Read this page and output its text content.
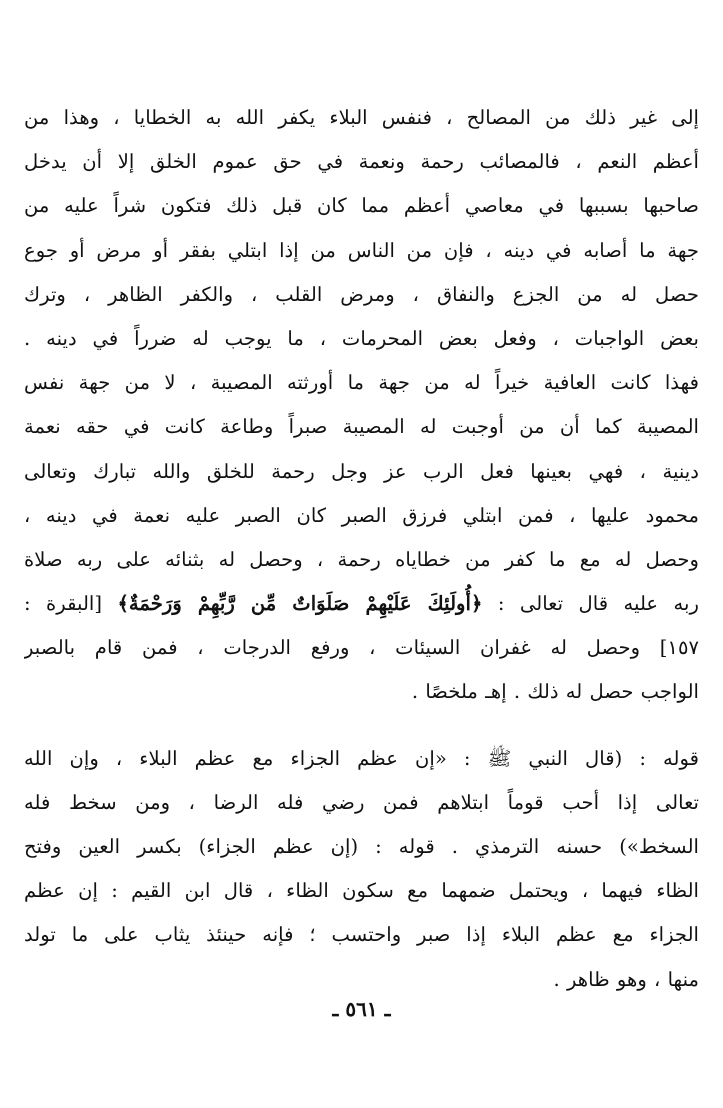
إلى غير ذلك من المصالح ، فنفس البلاء يكفر الله به الخطايا ، وهذا من
أعظم النعم ، فالمصائب رحمة ونعمة في حق عموم الخلق إلا أن يدخل
صاحبها بسببها في معاصي أعظم مما كان قبل ذلك فتكون شراً عليه من
جهة ما أصابه في دينه ، فإن من الناس من إذا ابتلي بفقر أو مرض أو جوع
حصل له من الجزع والنفاق ، ومرض القلب ، والكفر الظاهر ، وترك
بعض الواجبات ، وفعل بعض المحرمات ، ما يوجب له ضرراً في دينه .
فهذا كانت العافية خيراً له من جهة ما أورثته المصيبة ، لا من جهة نفس
المصيبة كما أن من أوجبت له المصيبة صبراً وطاعة كانت في حقه نعمة
دينية ، فهي بعينها فعل الرب عز وجل رحمة للخلق والله تبارك وتعالى
محمود عليها ، فمن ابتلي فرزق الصبر كان الصبر عليه نعمة في دينه ،
وحصل له مع ما كفر من خطاياه رحمة ، وحصل له بثنائه على ربه صلاة
ربه عليه قال تعالى : ﴿أُولَئِكَ عَلَيْهِمْ صَلَوَاتٌ مِّن رَّبِّهِمْ وَرَحْمَةٌ﴾ [البقرة :
١٥٧] وحصل له غفران السيئات ، ورفع الدرجات ، فمن قام بالصبر
الواجب حصل له ذلك . إهـ ملخصًا .
قوله : (قال النبي ﷺ : «إن عظم الجزاء مع عظم البلاء ، وإن الله
تعالى إذا أحب قوماً ابتلاهم فمن رضي فله الرضا ، ومن سخط فله
السخط») حسنه الترمذي . قوله : (إن عظم الجزاء) بكسر العين وفتح
الظاء فيهما ، ويحتمل ضمهما مع سكون الظاء ، قال ابن القيم : إن عظم
الجزاء مع عظم البلاء إذا صبر واحتسب ؛ فإنه حينئذ يثاب على ما تولد
منها ، وهو ظاهر .
ـ ٥٦١ ـ
